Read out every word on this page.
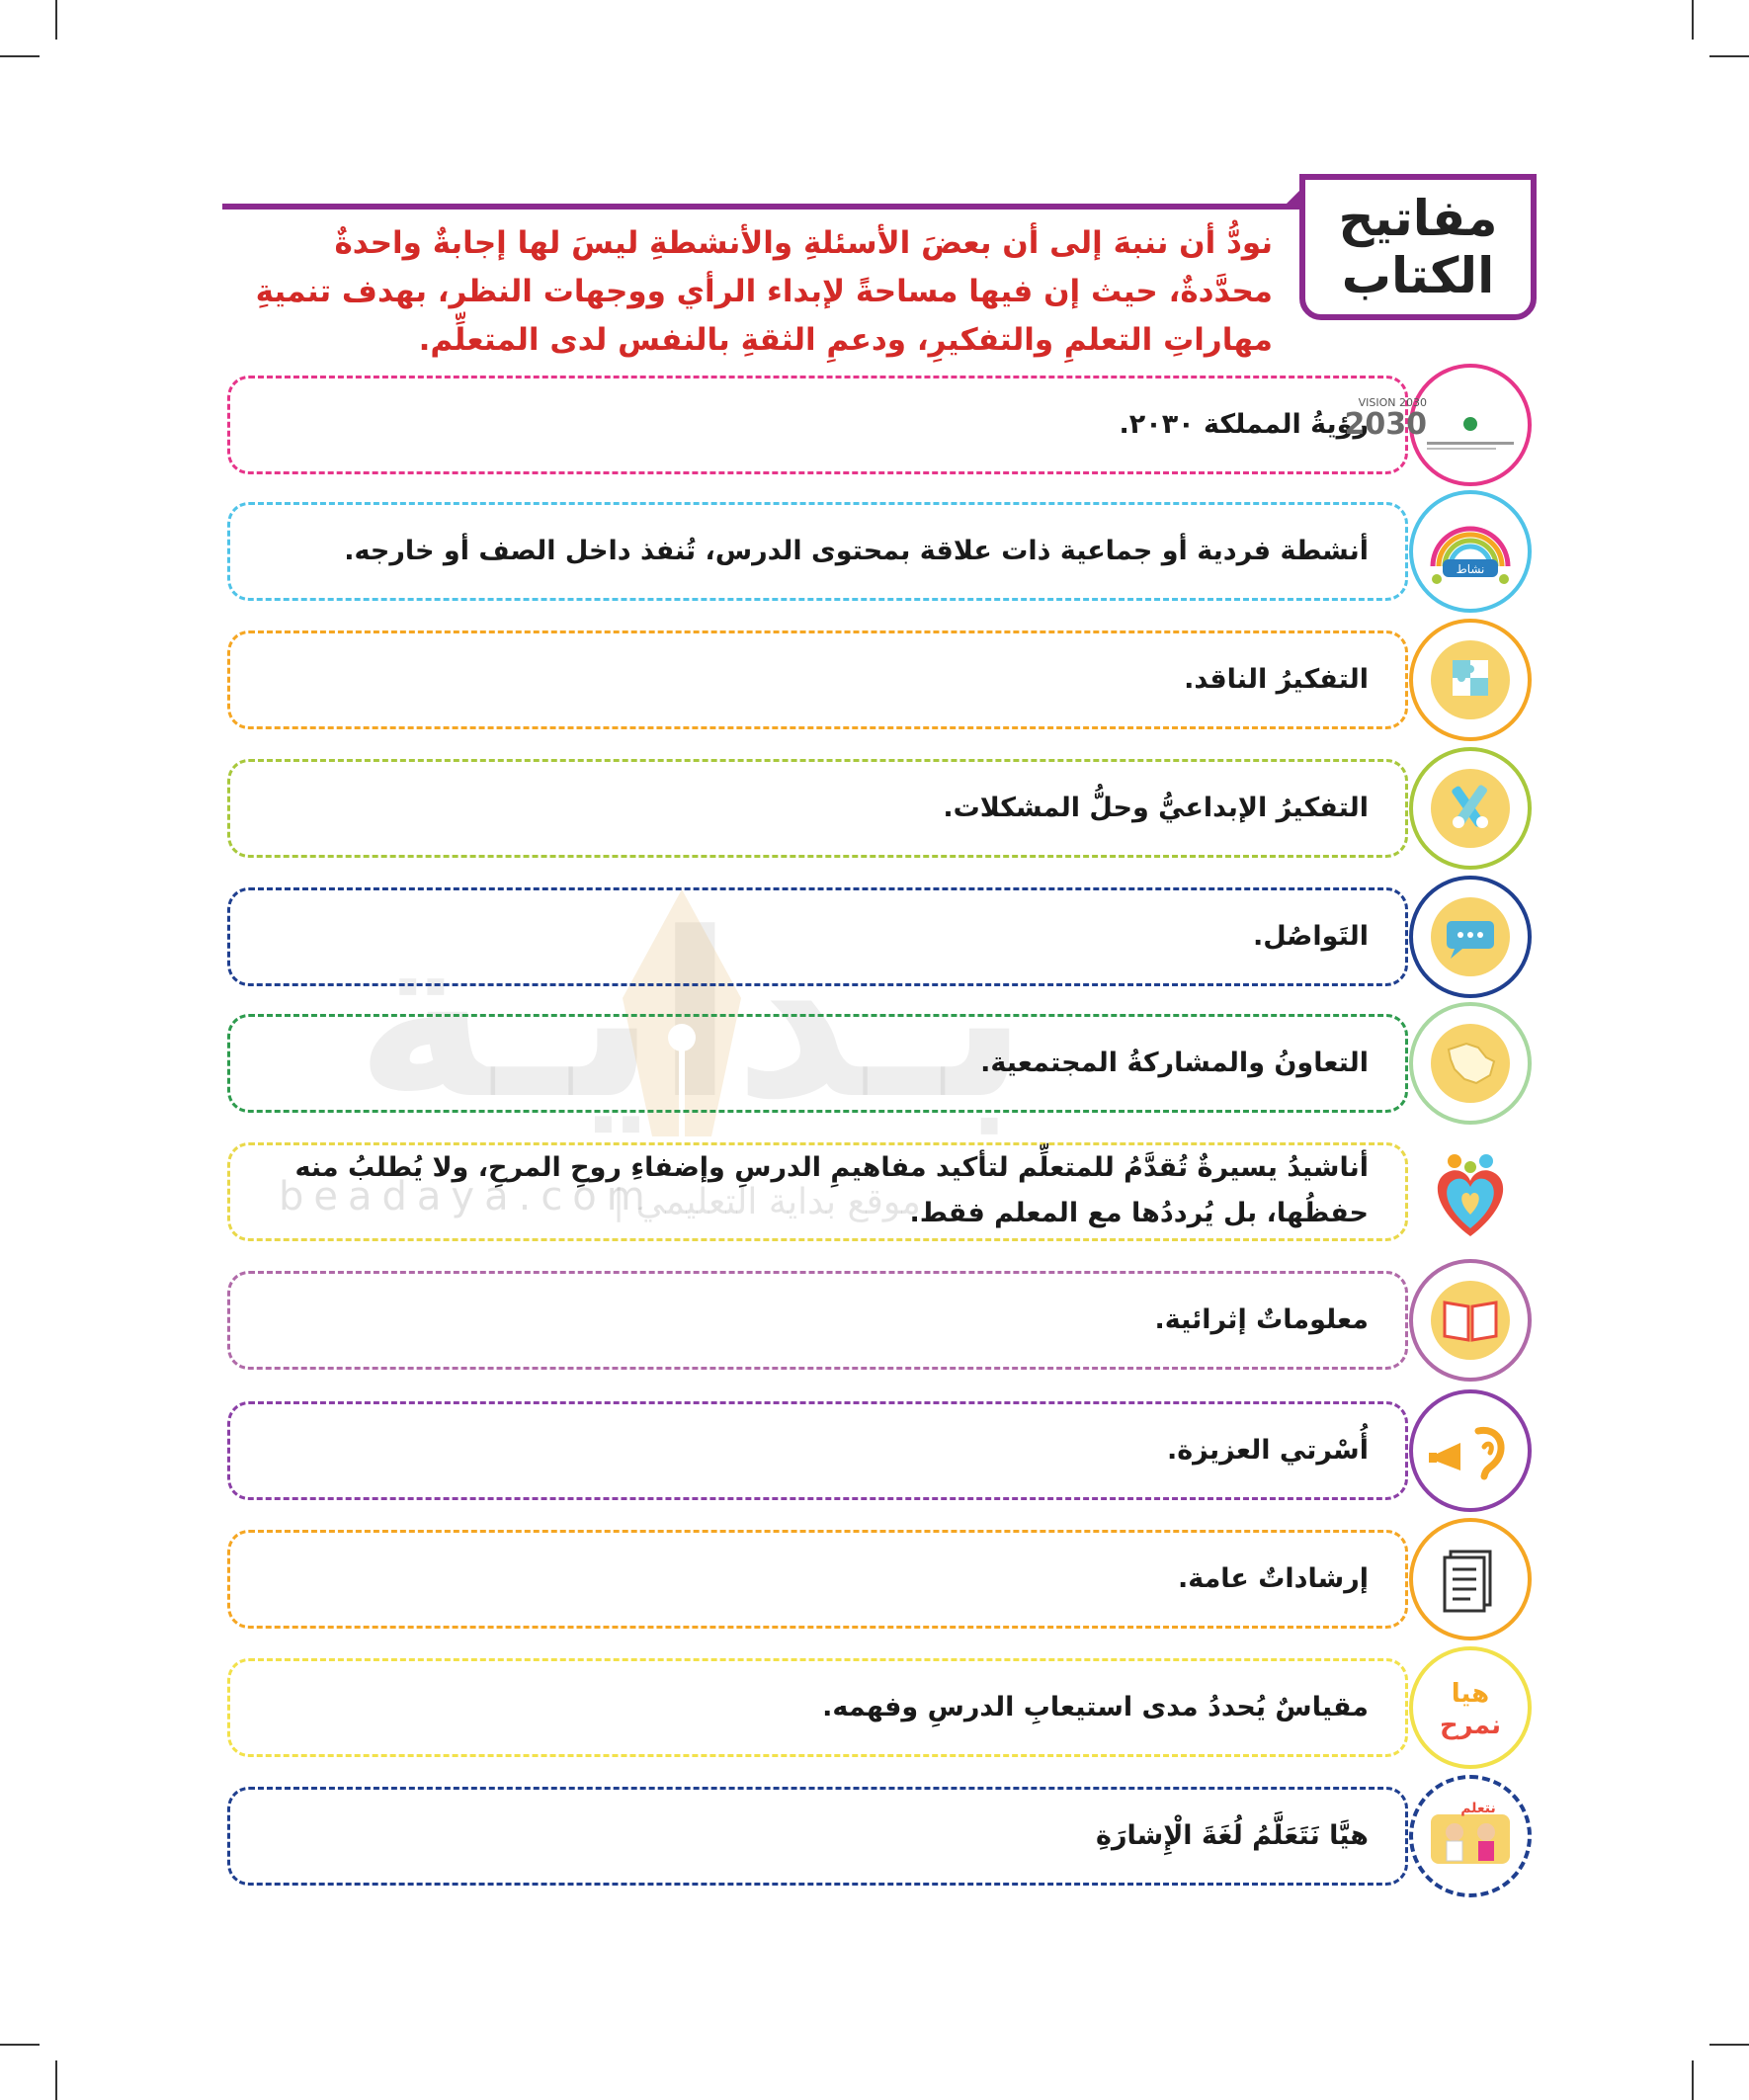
بـدايـة
beadaya.com
موقع بداية التعليمي |
مفاتيح
الكتاب
نودُّ أن ننبهَ إلى أن بعضَ الأسئلةِ والأنشطةِ ليسَ لها إجابةٌ واحدةٌ محدَّدةٌ، حيث إن فيها مساحةً لإبداء الرأي ووجهات النظر، بهدف تنميةِ مهاراتِ التعلمِ والتفكيرِ، ودعمِ الثقةِ بالنفس لدى المتعلِّم.
رؤيةُ المملكة ٢٠٣٠.
VISION 2030
2030
أنشطة فردية أو جماعية ذات علاقة بمحتوى الدرس، تُنفذ داخل الصف أو خارجه.
نشاط
التفكيرُ الناقد.
التفكيرُ الإبداعيُّ وحلُّ المشكلات.
التَواصُل.
التعاونُ والمشاركةُ المجتمعية.
أناشيدُ يسيرةٌ تُقدَّمُ للمتعلِّم لتأكيد مفاهيمِ الدرسِ وإضفاءِ روحِ المرحِ، ولا يُطلبُ منه حفظُها، بل يُرددُها مع المعلم فقط.
معلوماتٌ إثرائية.
أُسْرتي العزيزة.
إرشاداتٌ عامة.
مقياسٌ يُحددُ مدى استيعابِ الدرسِ وفهمه.	هيا
نمرح
هيَّا نَتَعَلَّمُ لُغَةَ الْإِشارَةِ
نتعلم
